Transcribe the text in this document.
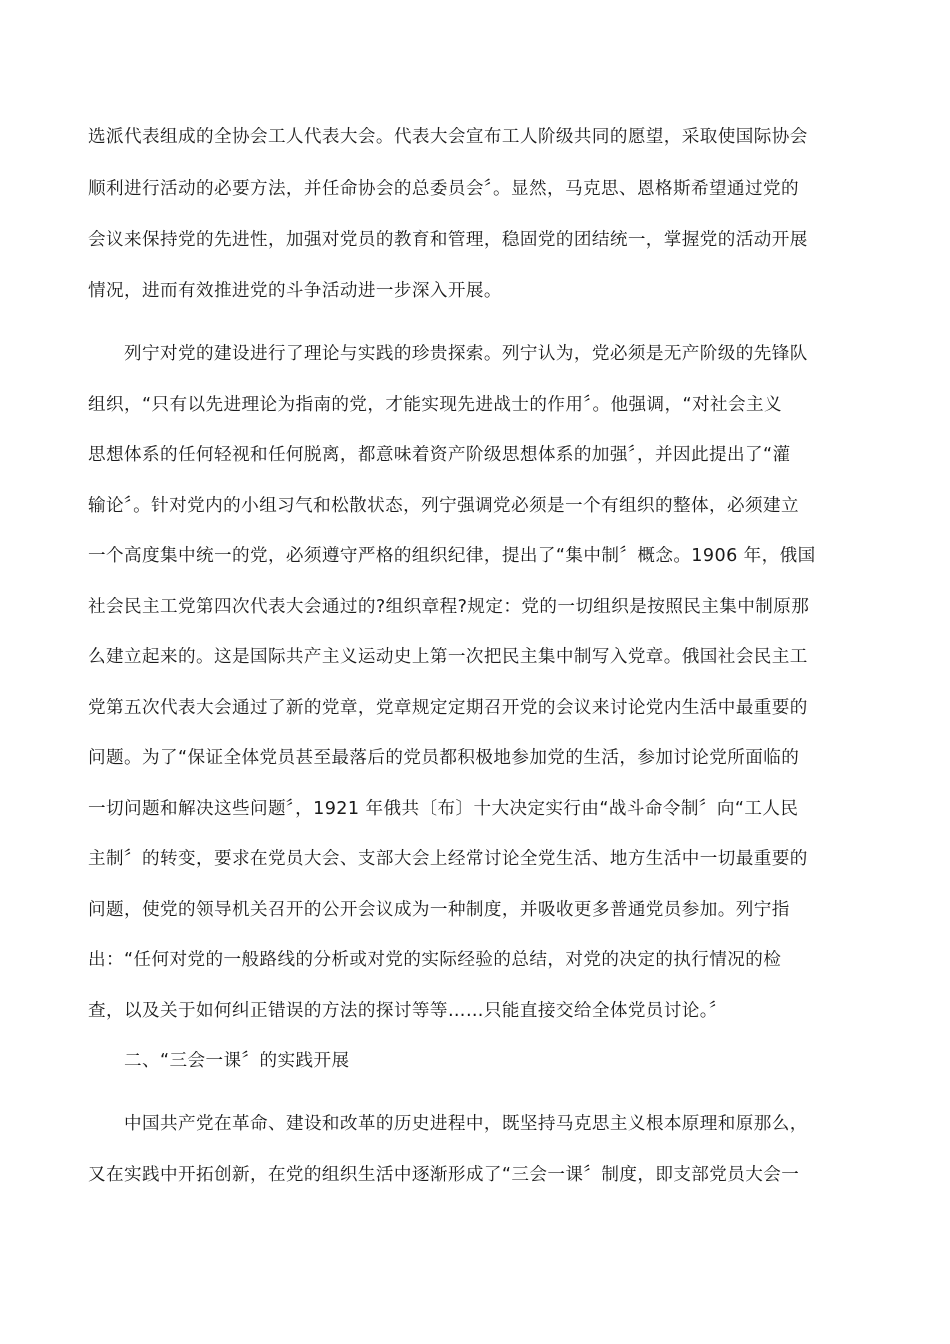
选派代表组成的全协会工人代表大会。代表大会宣布工人阶级共同的愿望，采取使国际协会
顺利进行活动的必要方法，并任命协会的总委员会〞。显然，马克思、恩格斯希望通过党的
会议来保持党的先进性，加强对党员的教育和管理，稳固党的团结统一，掌握党的活动开展
情况，进而有效推进党的斗争活动进一步深入开展。
列宁对党的建设进行了理论与实践的珍贵探索。列宁认为，党必须是无产阶级的先锋队
组织，“只有以先进理论为指南的党，才能实现先进战士的作用〞。他强调，“对社会主义
思想体系的任何轻视和任何脱离，都意味着资产阶级思想体系的加强〞，并因此提出了“灌
输论〞。针对党内的小组习气和松散状态，列宁强调党必须是一个有组织的整体，必须建立
一个高度集中统一的党，必须遵守严格的组织纪律，提出了“集中制〞概念。1906 年，俄国
社会民主工党第四次代表大会通过的?组织章程?规定：党的一切组织是按照民主集中制原那
么建立起来的。这是国际共产主义运动史上第一次把民主集中制写入党章。俄国社会民主工
党第五次代表大会通过了新的党章，党章规定定期召开党的会议来讨论党内生活中最重要的
问题。为了“保证全体党员甚至最落后的党员都积极地参加党的生活，参加讨论党所面临的
一切问题和解决这些问题〞，1921 年俄共〔布〕十大决定实行由“战斗命令制〞向“工人民
主制〞的转变，要求在党员大会、支部大会上经常讨论全党生活、地方生活中一切最重要的
问题，使党的领导机关召开的公开会议成为一种制度，并吸收更多普通党员参加。列宁指
出：“任何对党的一般路线的分析或对党的实际经验的总结，对党的决定的执行情况的检
查，以及关于如何纠正错误的方法的探讨等等……只能直接交给全体党员讨论。〞
二、“三会一课〞的实践开展
中国共产党在革命、建设和改革的历史进程中，既坚持马克思主义根本原理和原那么，
又在实践中开拓创新，在党的组织生活中逐渐形成了“三会一课〞制度，即支部党员大会一
